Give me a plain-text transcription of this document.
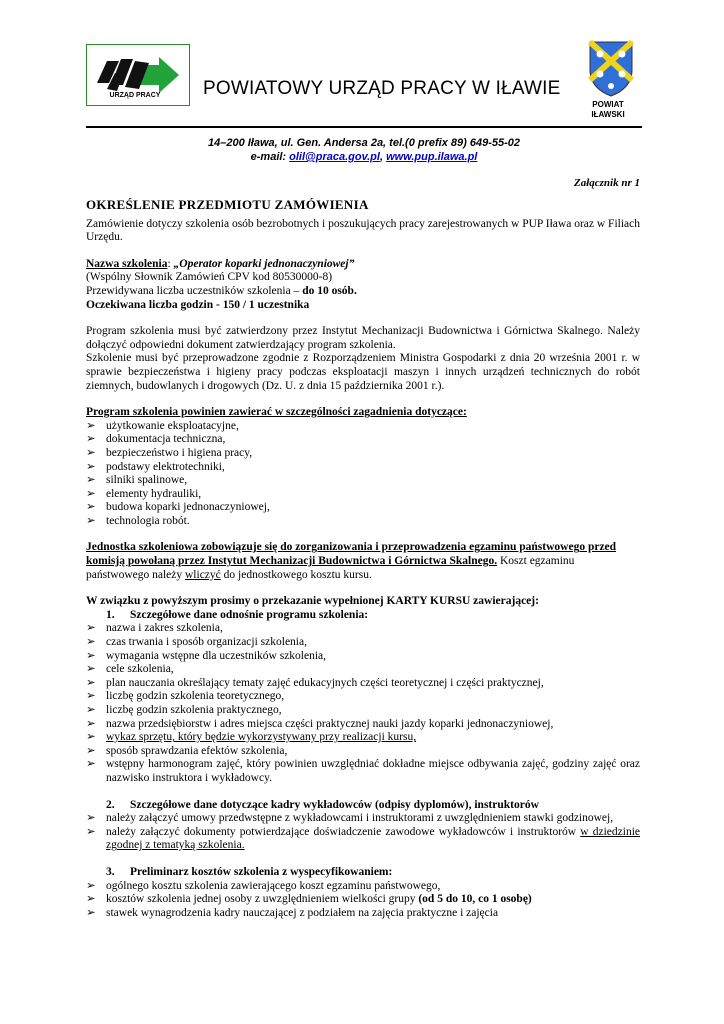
URZĄD PRACY	POWIATOWY URZĄD PRACY W IŁAWIE
POWIAT
IŁAWSKI
14–200 Iława, ul. Gen. Andersa 2a, tel.(0 prefix 89) 649-55-02
e-mail: olil@praca.gov.pl, www.pup.ilawa.pl
Załącznik nr 1
OKREŚLENIE PRZEDMIOTU ZAMÓWIENIA

Zamówienie dotyczy szkolenia osób bezrobotnych i poszukujących pracy zarejestrowanych w PUP Iława oraz w Filiach Urzędu.

Nazwa szkolenia: „Operator koparki jednonaczyniowej”

(Wspólny Słownik Zamówień CPV kod 80530000-8)

Przewidywana liczba uczestników szkolenia – do 10 osób.

Oczekiwana liczba godzin - 150 / 1 uczestnika

Program szkolenia musi być zatwierdzony przez Instytut Mechanizacji Budownictwa i Górnictwa Skalnego. Należy dołączyć odpowiedni dokument zatwierdzający program szkolenia.

Szkolenie musi być przeprowadzone zgodnie z Rozporządzeniem Ministra Gospodarki z dnia 20 września 2001 r. w sprawie bezpieczeństwa i higieny pracy podczas eksploatacji maszyn i innych urządzeń technicznych do robót ziemnych, budowlanych i drogowych (Dz. U. z dnia 15 października 2001 r.).

Program szkolenia powinien zawierać w szczególności zagadnienia dotyczące:

➢ użytkowanie eksploatacyjne,
➢ dokumentacja techniczna,
➢ bezpieczeństwo i higiena pracy,
➢ podstawy elektrotechniki,
➢ silniki spalinowe,
➢ elementy hydrauliki,
➢ budowa koparki jednonaczyniowej,
➢ technologia robót.

Jednostka szkoleniowa zobowiązuje się do zorganizowania i przeprowadzenia egzaminu państwowego przed komisją powołaną przez Instytut Mechanizacji Budownictwa i Górnictwa Skalnego. Koszt egzaminu państwowego należy wliczyć do jednostkowego kosztu kursu.

W związku z powyższym prosimy o przekazanie wypełnionej KARTY KURSU zawierającej:

1. Szczegółowe dane odnośnie programu szkolenia:
➢ nazwa i zakres szkolenia,
➢ czas trwania i sposób organizacji szkolenia,
➢ wymagania wstępne dla uczestników szkolenia,
➢ cele szkolenia,
➢ plan nauczania określający tematy zajęć edukacyjnych części teoretycznej i części praktycznej,
➢ liczbę godzin szkolenia teoretycznego,
➢ liczbę godzin szkolenia praktycznego,
➢ nazwa przedsiębiorstw i adres miejsca części praktycznej nauki jazdy koparki jednonaczyniowej,
➢ wykaz sprzętu, który będzie wykorzystywany przy realizacji kursu,
➢ sposób sprawdzania efektów szkolenia,
➢ wstępny harmonogram zajęć, który powinien uwzględniać dokładne miejsce odbywania zajęć, godziny zajęć oraz nazwisko instruktora i wykładowcy.
2. Szczegółowe dane dotyczące kadry wykładowców (odpisy dyplomów), instruktorów
➢ należy załączyć umowy przedwstępne z wykładowcami i instruktorami z uwzględnieniem stawki godzinowej,
➢ należy załączyć dokumenty potwierdzające doświadczenie zawodowe wykładowców i instruktorów w dziedzinie zgodnej z tematyką szkolenia.
3. Preliminarz kosztów szkolenia z wyspecyfikowaniem:
➢ ogólnego kosztu szkolenia zawierającego koszt egzaminu państwowego,
➢ kosztów szkolenia jednej osoby z uwzględnieniem wielkości grupy (od 5 do 10, co 1 osobę)
➢ stawek wynagrodzenia kadry nauczającej z podziałem na zajęcia praktyczne i zajęcia
